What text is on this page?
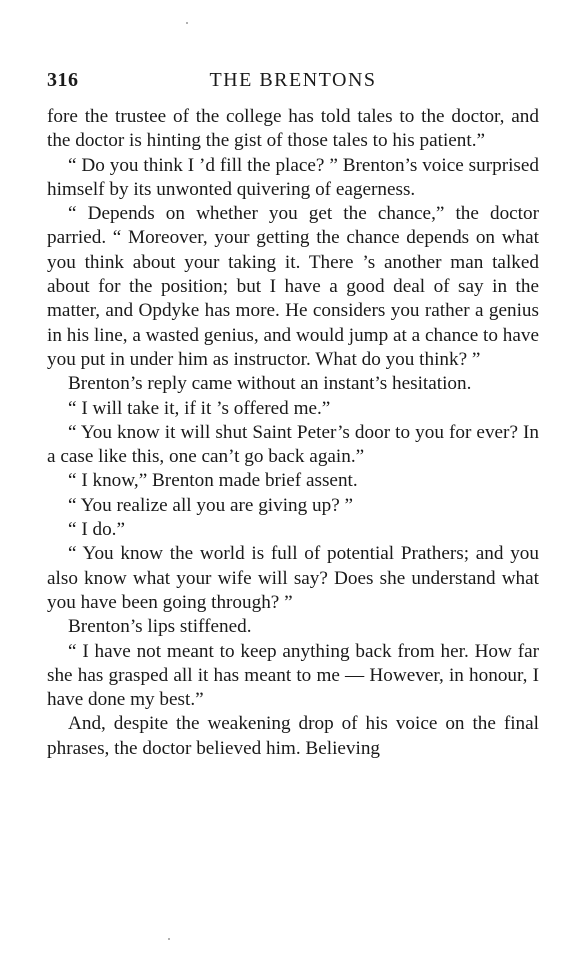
316	THE BRENTONS

fore the trustee of the college has told tales to the doctor, and the doctor is hinting the gist of those tales to his patient.”

“ Do you think I ’d fill the place? ” Brenton’s voice surprised himself by its unwonted quivering of eagerness.

“ Depends on whether you get the chance,” the doctor parried. “ Moreover, your getting the chance depends on what you think about your taking it. There ’s another man talked about for the position; but I have a good deal of say in the matter, and Opdyke has more. He considers you rather a genius in his line, a wasted genius, and would jump at a chance to have you put in under him as instructor. What do you think? ”

Brenton’s reply came without an instant’s hesitation.

“ I will take it, if it ’s offered me.”

“ You know it will shut Saint Peter’s door to you for ever? In a case like this, one can’t go back again.”

“ I know,” Brenton made brief assent.

“ You realize all you are giving up? ”

“ I do.”

“ You know the world is full of potential Prathers; and you also know what your wife will say? Does she understand what you have been going through? ”

Brenton’s lips stiffened.

“ I have not meant to keep anything back from her. How far she has grasped all it has meant to me — However, in honour, I have done my best.”

And, despite the weakening drop of his voice on the final phrases, the doctor believed him. Believing
